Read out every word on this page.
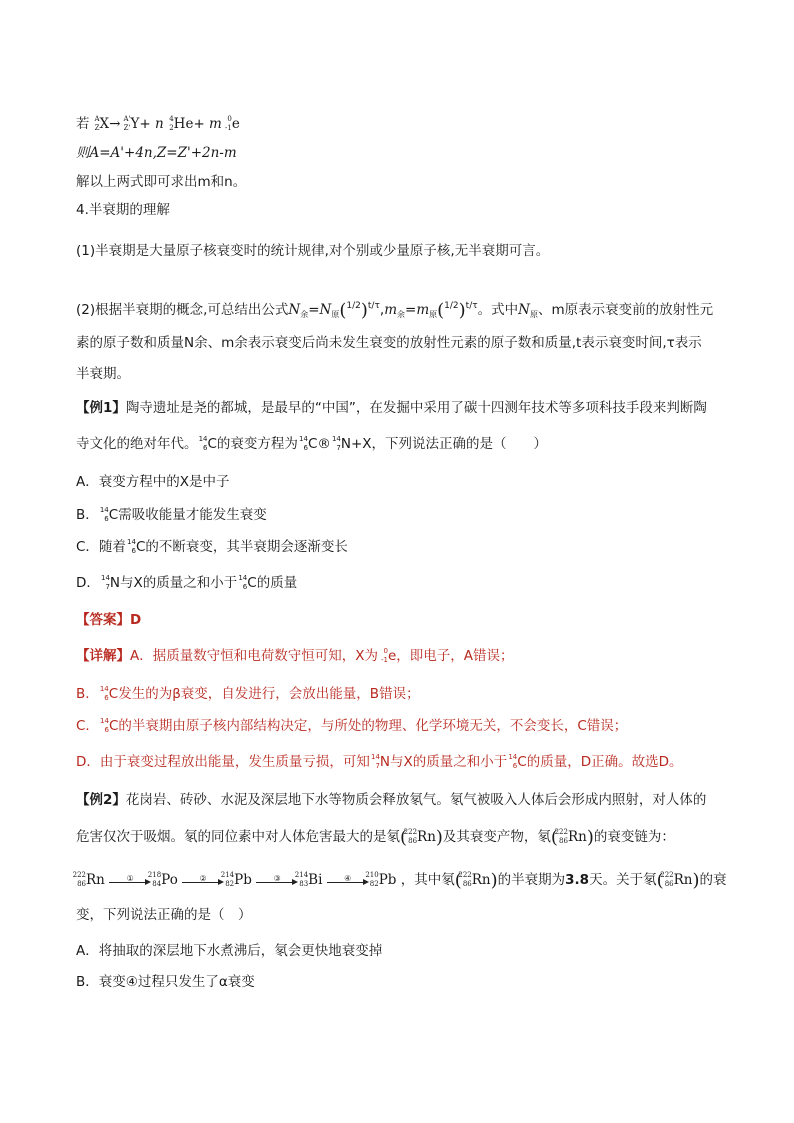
若 A
Z X→ A'
Z' Y+ n 4
2 He+ m 0
-1 e
则A=A'+4n,Z=Z'+2n-m
解以上两式即可求出m和n。
4.半衰期的理解
(1)半衰期是大量原子核衰变时的统计规律,对个别或少量原子核,无半衰期可言。
(2)根据半衰期的概念,可总结出公式$N_余=N_原(1/2)t/\tau,m_余=m_原(1/2)t/\tau$。式中$N_原$、m原表示衰变前的放射性元
素的原子数和质量N余、m余表示衰变后尚未发生衰变的放射性元素的原子数和质量,t表示衰变时间,τ表示
半衰期。
【例1】陶寺遗址是尧的都城，是最早的“中国”，在发掘中采用了碳十四测年技术等多项科技手段来判断陶
寺文化的绝对年代。 14
6 C的衰变方程为 14
6 C® 14
7 N+X，下列说法正确的是（　　）
A．衰变方程中的X是中子
B． 14
6 C需吸收能量才能发生衰变
C．随着 14
6 C的不断衰变，其半衰期会逐渐变长
D． 14
7 N与X的质量之和小于 14
6 C的质量
【答案】D
【详解】A．据质量数守恒和电荷数守恒可知，X为 0
-1 e，即电子，A错误；
B． 14
6 C发生的为β衰变，自发进行，会放出能量，B错误；
C． 14
6 C的半衰期由原子核内部结构决定，与所处的物理、化学环境无关，不会变长，C错误；
D．由于衰变过程放出能量，发生质量亏损，可知 14
7 N与X的质量之和小于 14
6 C的质量，D正确。故选D。
【例2】花岗岩、砖砂、水泥及深层地下水等物质会释放氡气。氡气被吸入人体后会形成内照射，对人体的
危害仅次于吸烟。氡的同位素中对人体危害最大的是氡(
222
86 Rn)及其衰变产物，氡(
222
86 Rn)的衰变链为：
222
86 Rn	①	218
84 Po	②	214
82 Pb	③	214
83 Bi	④	210
82 Pb ，其中氡(
222
86 Rn)的半衰期为3.8天。关于氡(
222
86 Rn)的衰
变，下列说法正确的是（　）
A．将抽取的深层地下水煮沸后，氡会更快地衰变掉
B．衰变④过程只发生了α衰变
